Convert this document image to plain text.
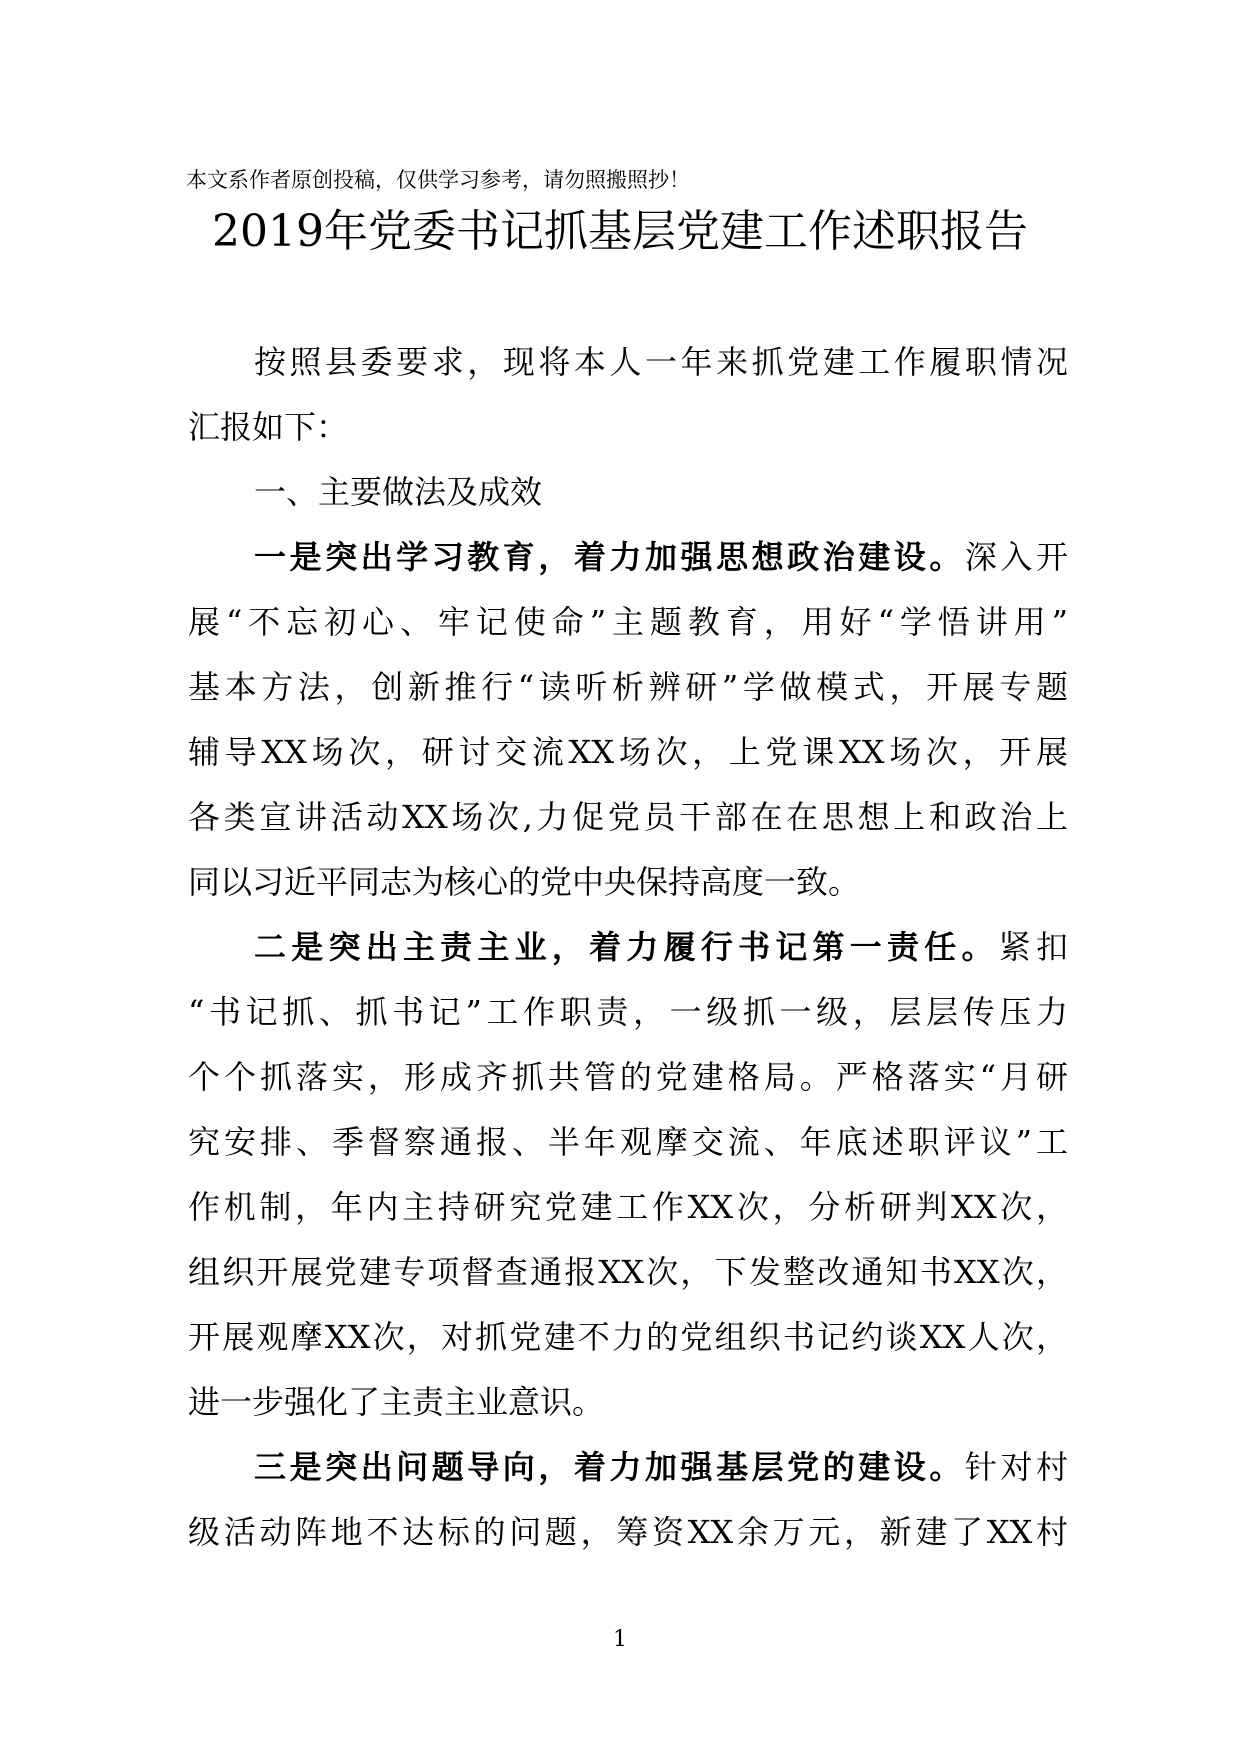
本文系作者原创投稿，仅供学习参考，请勿照搬照抄！
2019年党委书记抓基层党建工作述职报告
按照县委要求，现将本人一年来抓党建工作履职情况
汇报如下：
一、主要做法及成效
一是突出学习教育，着力加强思想政治建设。深入开
展“不忘初心、牢记使命”主题教育，用好“学悟讲用”
基本方法，创新推行“读听析辨研”学做模式，开展专题
辅导XX场次，研讨交流XX场次，上党课XX场次，开展
各类宣讲活动XX场次,力促党员干部在在思想上和政治上
同以习近平同志为核心的党中央保持高度一致。
二是突出主责主业，着力履行书记第一责任。紧扣
“书记抓、抓书记”工作职责，一级抓一级，层层传压力
个个抓落实，形成齐抓共管的党建格局。严格落实“月研
究安排、季督察通报、半年观摩交流、年底述职评议”工
作机制，年内主持研究党建工作XX次，分析研判XX次，
组织开展党建专项督查通报XX次，下发整改通知书XX次，
开展观摩XX次，对抓党建不力的党组织书记约谈XX人次，
进一步强化了主责主业意识。
三是突出问题导向，着力加强基层党的建设。针对村
级活动阵地不达标的问题，筹资XX余万元，新建了XX村
1
